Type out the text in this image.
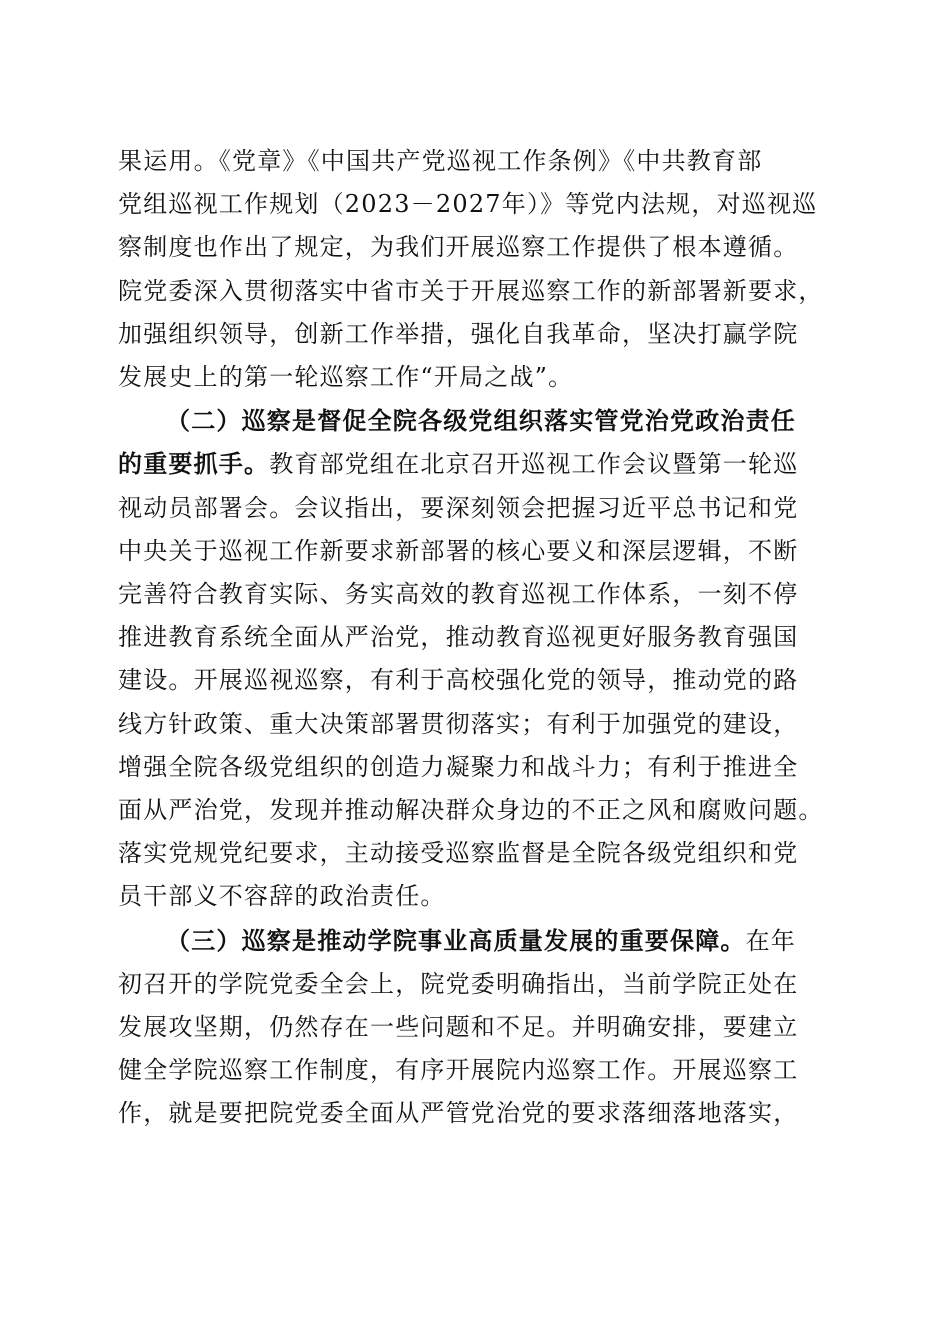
果运用。《党章》《中国共产党巡视工作条例》《中共教育部
党组巡视工作规划（2023－2027年）》等党内法规，对巡视巡
察制度也作出了规定，为我们开展巡察工作提供了根本遵循。
院党委深入贯彻落实中省市关于开展巡察工作的新部署新要求，
加强组织领导，创新工作举措，强化自我革命，坚决打赢学院
发展史上的第一轮巡察工作“开局之战”。
（二）巡察是督促全院各级党组织落实管党治党政治责任
的重要抓手。教育部党组在北京召开巡视工作会议暨第一轮巡
视动员部署会。会议指出，要深刻领会把握习近平总书记和党
中央关于巡视工作新要求新部署的核心要义和深层逻辑，不断
完善符合教育实际、务实高效的教育巡视工作体系，一刻不停
推进教育系统全面从严治党，推动教育巡视更好服务教育强国
建设。开展巡视巡察，有利于高校强化党的领导，推动党的路
线方针政策、重大决策部署贯彻落实；有利于加强党的建设，
增强全院各级党组织的创造力凝聚力和战斗力；有利于推进全
面从严治党，发现并推动解决群众身边的不正之风和腐败问题。
落实党规党纪要求，主动接受巡察监督是全院各级党组织和党
员干部义不容辞的政治责任。
（三）巡察是推动学院事业高质量发展的重要保障。在年
初召开的学院党委全会上，院党委明确指出，当前学院正处在
发展攻坚期，仍然存在一些问题和不足。并明确安排，要建立
健全学院巡察工作制度，有序开展院内巡察工作。开展巡察工
作，就是要把院党委全面从严管党治党的要求落细落地落实，
